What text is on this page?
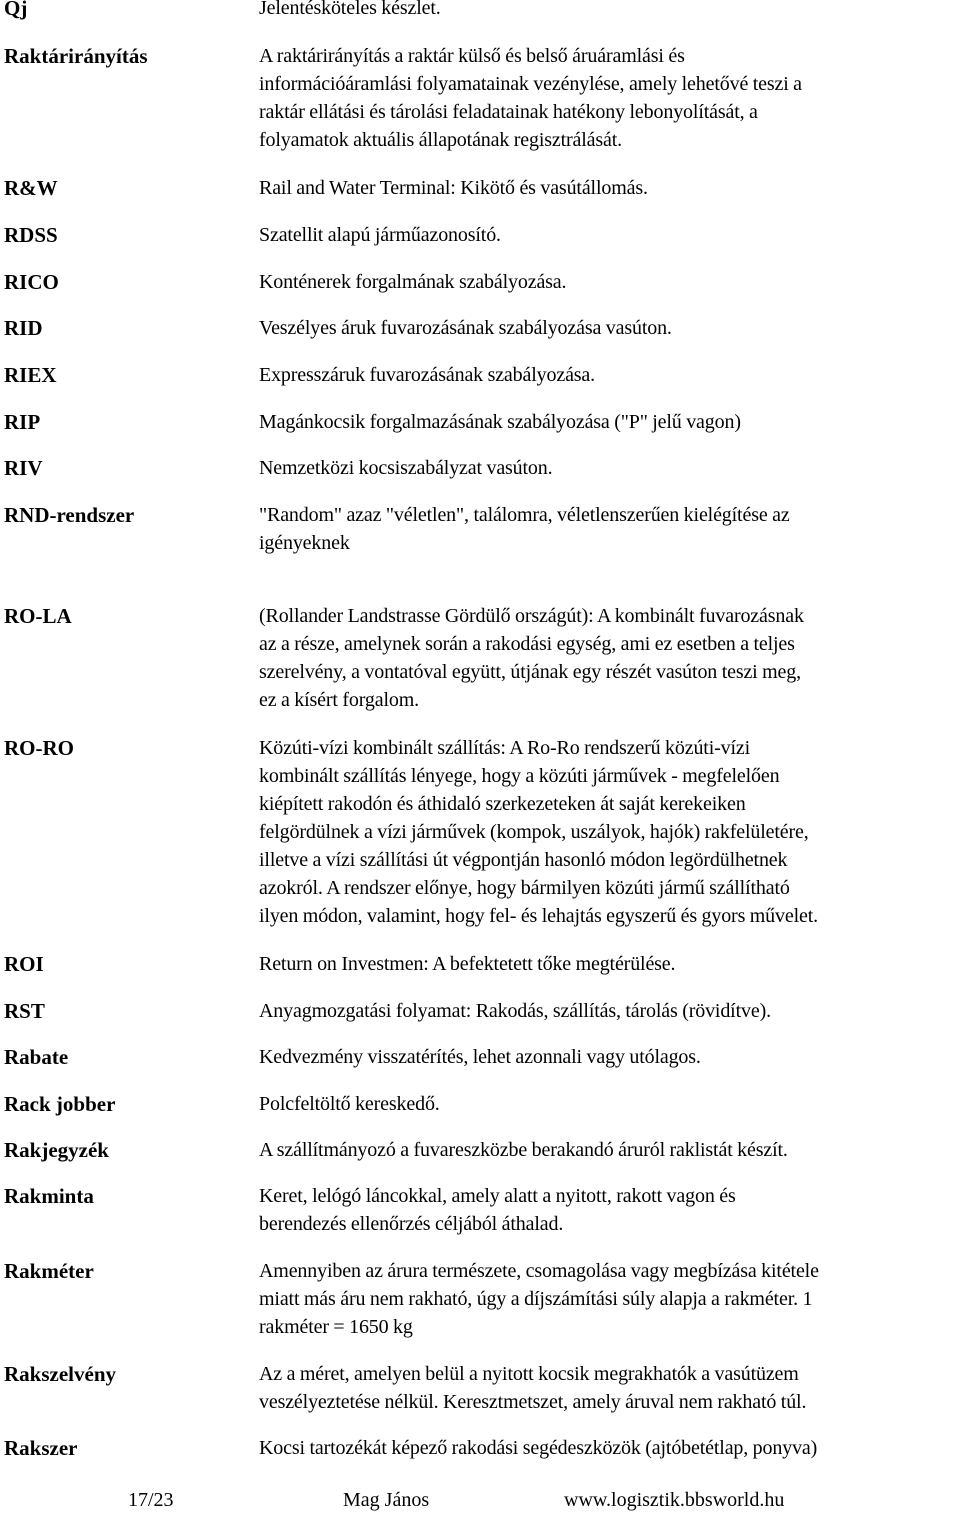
Qj	Jelentésköteles készlet.
Raktárirányítás	A raktárirányítás a raktár külső és belső áruáramlási és
információáramlási folyamatainak vezénylése, amely lehetővé teszi a
raktár ellátási és tárolási feladatainak hatékony lebonyolítását, a
folyamatok aktuális állapotának regisztrálását.
R&W	Rail and Water Terminal: Kikötő és vasútállomás.
RDSS	Szatellit alapú járműazonosító.
RICO	Konténerek forgalmának szabályozása.
RID	Veszélyes áruk fuvarozásának szabályozása vasúton.
RIEX	Expresszáruk fuvarozásának szabályozása.
RIP	Magánkocsik forgalmazásának szabályozása ("P" jelű vagon)
RIV	Nemzetközi kocsiszabályzat vasúton.
RND-rendszer	"Random" azaz "véletlen", találomra, véletlenszerűen kielégítése az
igényeknek
RO-LA	(Rollander Landstrasse Gördülő országút): A kombinált fuvarozásnak
az a része, amelynek során a rakodási egység, ami ez esetben a teljes
szerelvény, a vontatóval együtt, útjának egy részét vasúton teszi meg,
ez a kísért forgalom.
RO-RO	Közúti-vízi kombinált szállítás: A Ro-Ro rendszerű közúti-vízi
kombinált szállítás lényege, hogy a közúti járművek - megfelelően
kiépített rakodón és áthidaló szerkezeteken át saját kerekeiken
felgördülnek a vízi járművek (kompok, uszályok, hajók) rakfelületére,
illetve a vízi szállítási út végpontján hasonló módon legördülhetnek
azokról. A rendszer előnye, hogy bármilyen közúti jármű szállítható
ilyen módon, valamint, hogy fel- és lehajtás egyszerű és gyors művelet.
ROI	Return on Investmen: A befektetett tőke megtérülése.
RST	Anyagmozgatási folyamat: Rakodás, szállítás, tárolás (rövidítve).
Rabate	Kedvezmény visszatérítés, lehet azonnali vagy utólagos.
Rack jobber	Polcfeltöltő kereskedő.
Rakjegyzék	A szállítmányozó a fuvareszközbe berakandó áruról raklistát készít.
Rakminta	Keret, lelógó láncokkal, amely alatt a nyitott, rakott vagon és
berendezés ellenőrzés céljából áthalad.
Rakméter	Amennyiben az árura természete, csomagolása vagy megbízása kitétele
miatt más áru nem rakható, úgy a díjszámítási súly alapja a rakméter. 1
rakméter = 1650 kg
Rakszelvény	Az a méret, amelyen belül a nyitott kocsik megrakhatók a vasútüzem
veszélyeztetése nélkül. Keresztmetszet, amely áruval nem rakható túl.
Rakszer	Kocsi tartozékát képező rakodási segédeszközök (ajtóbetétlap, ponyva)
17/23	Mag János	www.logisztik.bbsworld.hu
